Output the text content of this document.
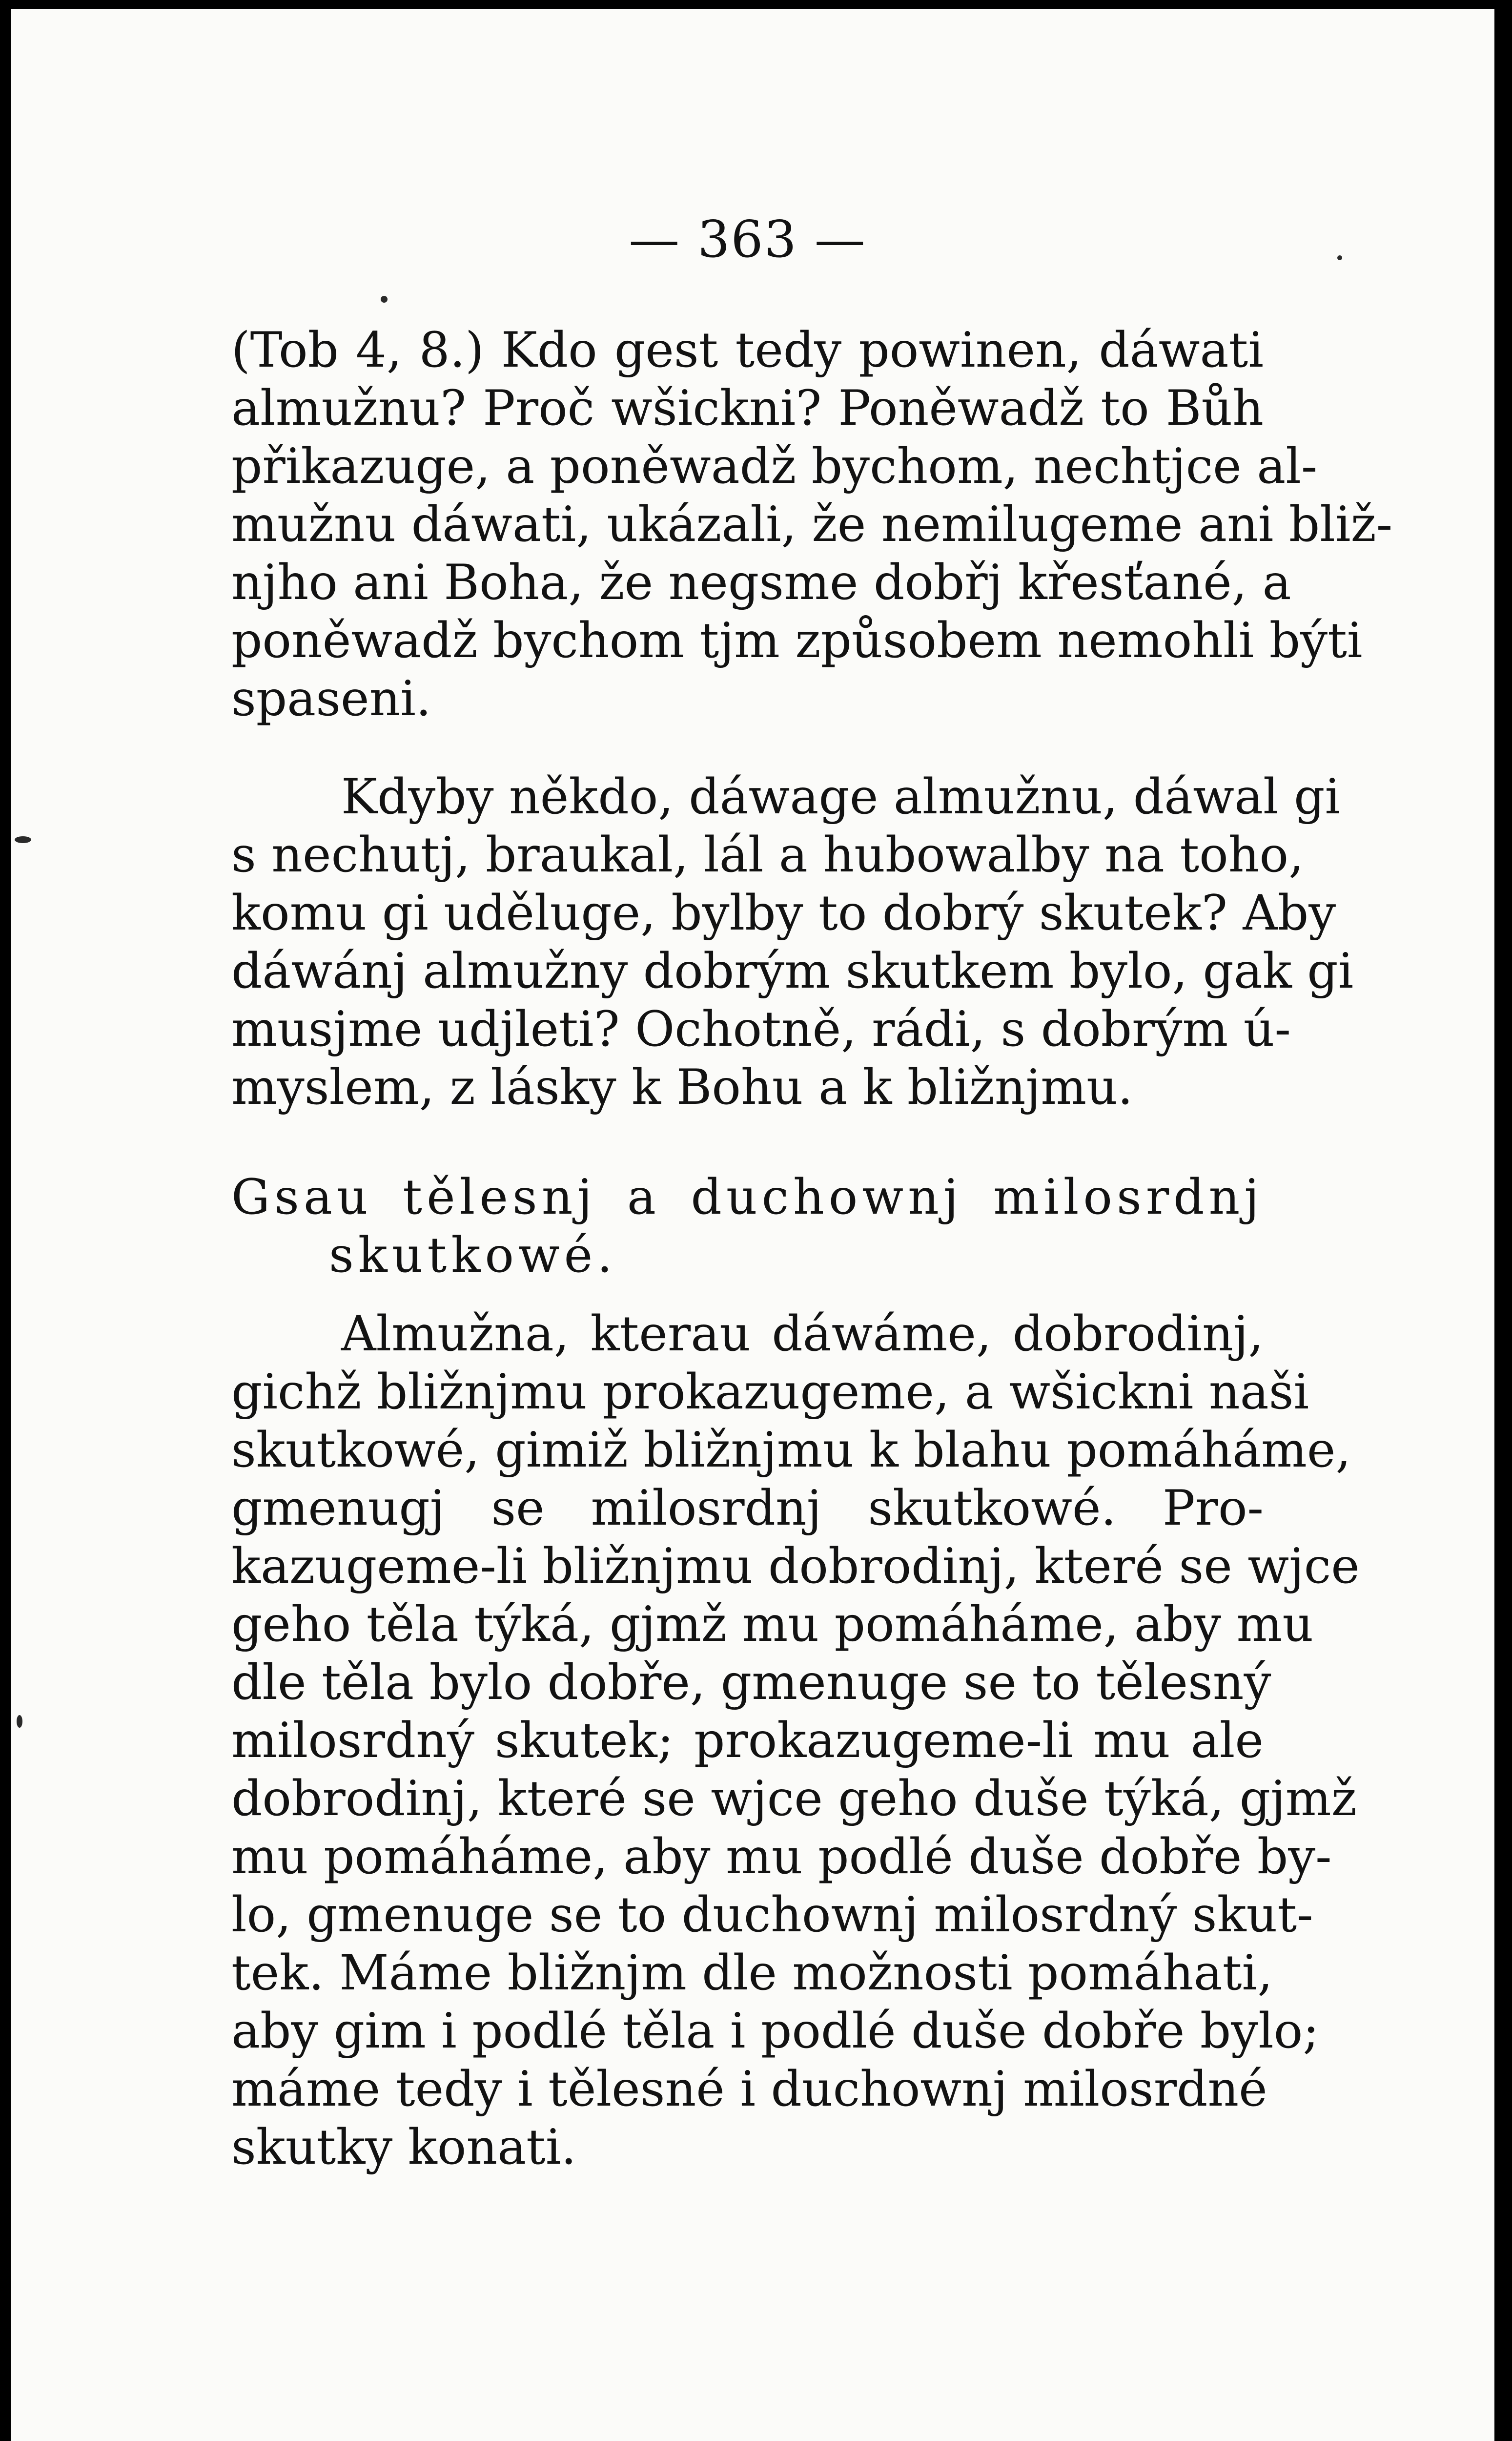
— 363 —
(Tob 4, 8.) Kdo gest tedy powinen, dáwati
almužnu? Proč wšickni? Poněwadž to Bůh
přikazuge, a poněwadž bychom, nechtjce al-
mužnu dáwati, ukázali, že nemilugeme ani bliž-
njho ani Boha, že negsme dobřj křesťané, a
poněwadž bychom tjm způsobem nemohli býti
spaseni.
Kdyby někdo, dáwage almužnu, dáwal gi
s nechutj, braukal, lál a hubowalby na toho,
komu gi uděluge, bylby to dobrý skutek? Aby
dáwánj almužny dobrým skutkem bylo, gak gi
musjme udjleti? Ochotně, rádi, s dobrým ú-
myslem, z lásky k Bohu a k bližnjmu.
Gsau tělesnj a duchownj milosrdnj
skutkowé.
Almužna, kterau dáwáme, dobrodinj,
gichž bližnjmu prokazugeme, a wšickni naši
skutkowé, gimiž bližnjmu k blahu pomáháme,
gmenugj se milosrdnj skutkowé. Pro-
kazugeme-li bližnjmu dobrodinj, které se wjce
geho těla týká, gjmž mu pomáháme, aby mu
dle těla bylo dobře, gmenuge se to tělesný
milosrdný skutek; prokazugeme-li mu ale
dobrodinj, které se wjce geho duše týká, gjmž
mu pomáháme, aby mu podlé duše dobře by-
lo, gmenuge se to duchownj milosrdný skut-
tek. Máme bližnjm dle možnosti pomáhati,
aby gim i podlé těla i podlé duše dobře bylo;
máme tedy i tělesné i duchownj milosrdné
skutky konati.
